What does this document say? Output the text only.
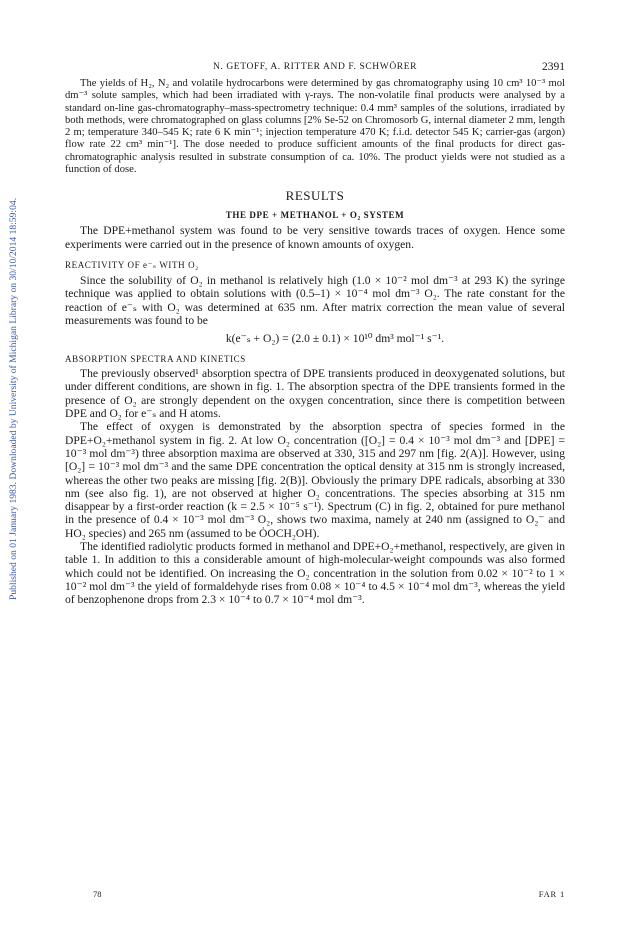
Published on 01 January 1983. Downloaded by University of Michigan Library on 30/10/2014 18:59:04.
N. GETOFF, A. RITTER AND F. SCHWÖRER	2391

The yields of H₂, N₂ and volatile hydrocarbons were determined by gas chromatography using 10 cm³ 10⁻³ mol dm⁻³ solute samples, which had been irradiated with γ-rays. The non-volatile final products were analysed by a standard on-line gas-chromatography–mass-spectrometry technique: 0.4 mm³ samples of the solutions, irradiated by both methods, were chromatographed on glass columns [2% Se-52 on Chromosorb G, internal diameter 2 mm, length 2 m; temperature 340–545 K; rate 6 K min⁻¹; injection temperature 470 K; f.i.d. detector 545 K; carrier-gas (argon) flow rate 22 cm³ min⁻¹]. The dose needed to produce sufficient amounts of the final products for direct gas-chromatographic analysis resulted in substrate consumption of ca. 10%. The product yields were not studied as a function of dose.

RESULTS
THE DPE + METHANOL + O₂ SYSTEM

The DPE+methanol system was found to be very sensitive towards traces of oxygen. Hence some experiments were carried out in the presence of known amounts of oxygen.

REACTIVITY OF e⁻ₛ WITH O₂

Since the solubility of O₂ in methanol is relatively high (1.0 × 10⁻² mol dm⁻³ at 293 K) the syringe technique was applied to obtain solutions with (0.5–1) × 10⁻⁴ mol dm⁻³ O₂. The rate constant for the reaction of e⁻ₛ with O₂ was determined at 635 nm. After matrix correction the mean value of several measurements was found to be

k(e⁻ₛ + O₂) = (2.0 ± 0.1) × 10¹⁰ dm³ mol⁻¹ s⁻¹.
ABSORPTION SPECTRA AND KINETICS

The previously observed¹ absorption spectra of DPE transients produced in deoxygenated solutions, but under different conditions, are shown in fig. 1. The absorption spectra of the DPE transients formed in the presence of O₂ are strongly dependent on the oxygen concentration, since there is competition between DPE and O₂ for e⁻ₛ and H atoms.

The effect of oxygen is demonstrated by the absorption spectra of species formed in the DPE+O₂+methanol system in fig. 2. At low O₂ concentration ([O₂] = 0.4 × 10⁻³ mol dm⁻³ and [DPE] = 10⁻³ mol dm⁻³) three absorption maxima are observed at 330, 315 and 297 nm [fig. 2(A)]. However, using [O₂] = 10⁻³ mol dm⁻³ and the same DPE concentration the optical density at 315 nm is strongly increased, whereas the other two peaks are missing [fig. 2(B)]. Obviously the primary DPE radicals, absorbing at 330 nm (see also fig. 1), are not observed at higher O₂ concentrations. The species absorbing at 315 nm disappear by a first-order reaction (k = 2.5 × 10⁻⁵ s⁻¹). Spectrum (C) in fig. 2, obtained for pure methanol in the presence of 0.4 × 10⁻³ mol dm⁻³ O₂, shows two maxima, namely at 240 nm (assigned to O₂⁻ and HO₂ species) and 265 nm (assumed to be ȮOCH₂OH).

The identified radiolytic products formed in methanol and DPE+O₂+methanol, respectively, are given in table 1. In addition to this a considerable amount of high-molecular-weight compounds was also formed which could not be identified. On increasing the O₂ concentration in the solution from 0.02 × 10⁻² to 1 × 10⁻² mol dm⁻³ the yield of formaldehyde rises from 0.08 × 10⁻⁴ to 4.5 × 10⁻⁴ mol dm⁻³, whereas the yield of benzophenone drops from 2.3 × 10⁻⁴ to 0.7 × 10⁻⁴ mol dm⁻³.

78	FAR 1
